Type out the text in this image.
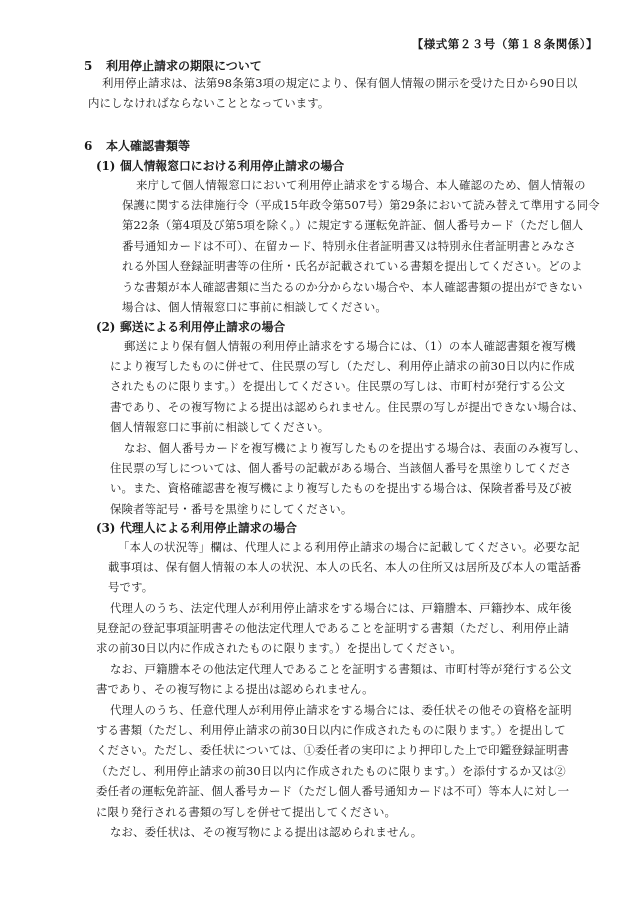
【様式第２３号（第１８条関係）】
5 利用停止請求の期限について
利用停止請求は、法第98条第3項の規定により、保有個人情報の開示を受けた日から90日以
内にしなければならないこととなっています。
6 本人確認書類等
(1) 個人情報窓口における利用停止請求の場合
来庁して個人情報窓口において利用停止請求をする場合、本人確認のため、個人情報の
保護に関する法律施行令（平成15年政令第507号）第29条において読み替えて準用する同令
第22条（第4項及び第5項を除く。）に規定する運転免許証、個人番号カード（ただし個人
番号通知カードは不可）、在留カード、特別永住者証明書又は特別永住者証明書とみなさ
れる外国人登録証明書等の住所・氏名が記載されている書類を提出してください。どのよ
うな書類が本人確認書類に当たるのか分からない場合や、本人確認書類の提出ができない
場合は、個人情報窓口に事前に相談してください。
(2) 郵送による利用停止請求の場合
郵送により保有個人情報の利用停止請求をする場合には、（1）の本人確認書類を複写機
により複写したものに併せて、住民票の写し（ただし、利用停止請求の前30日以内に作成
されたものに限ります。）を提出してください。住民票の写しは、市町村が発行する公文
書であり、その複写物による提出は認められません。住民票の写しが提出できない場合は、
個人情報窓口に事前に相談してください。
なお、個人番号カードを複写機により複写したものを提出する場合は、表面のみ複写し、
住民票の写しについては、個人番号の記載がある場合、当該個人番号を黒塗りしてくださ
い。また、資格確認書を複写機により複写したものを提出する場合は、保険者番号及び被
保険者等記号・番号を黒塗りにしてください。
(3) 代理人による利用停止請求の場合
「本人の状況等」欄は、代理人による利用停止請求の場合に記載してください。必要な記
載事項は、保有個人情報の本人の状況、本人の氏名、本人の住所又は居所及び本人の電話番
号です。
代理人のうち、法定代理人が利用停止請求をする場合には、戸籍謄本、戸籍抄本、成年後
見登記の登記事項証明書その他法定代理人であることを証明する書類（ただし、利用停止請
求の前30日以内に作成されたものに限ります。）を提出してください。
なお、戸籍謄本その他法定代理人であることを証明する書類は、市町村等が発行する公文
書であり、その複写物による提出は認められません。
代理人のうち、任意代理人が利用停止請求をする場合には、委任状その他その資格を証明
する書類（ただし、利用停止請求の前30日以内に作成されたものに限ります。）を提出して
ください。ただし、委任状については、①委任者の実印により押印した上で印鑑登録証明書
（ただし、利用停止請求の前30日以内に作成されたものに限ります。）を添付するか又は②
委任者の運転免許証、個人番号カード（ただし個人番号通知カードは不可）等本人に対し一
に限り発行される書類の写しを併せて提出してください。
なお、委任状は、その複写物による提出は認められません。
